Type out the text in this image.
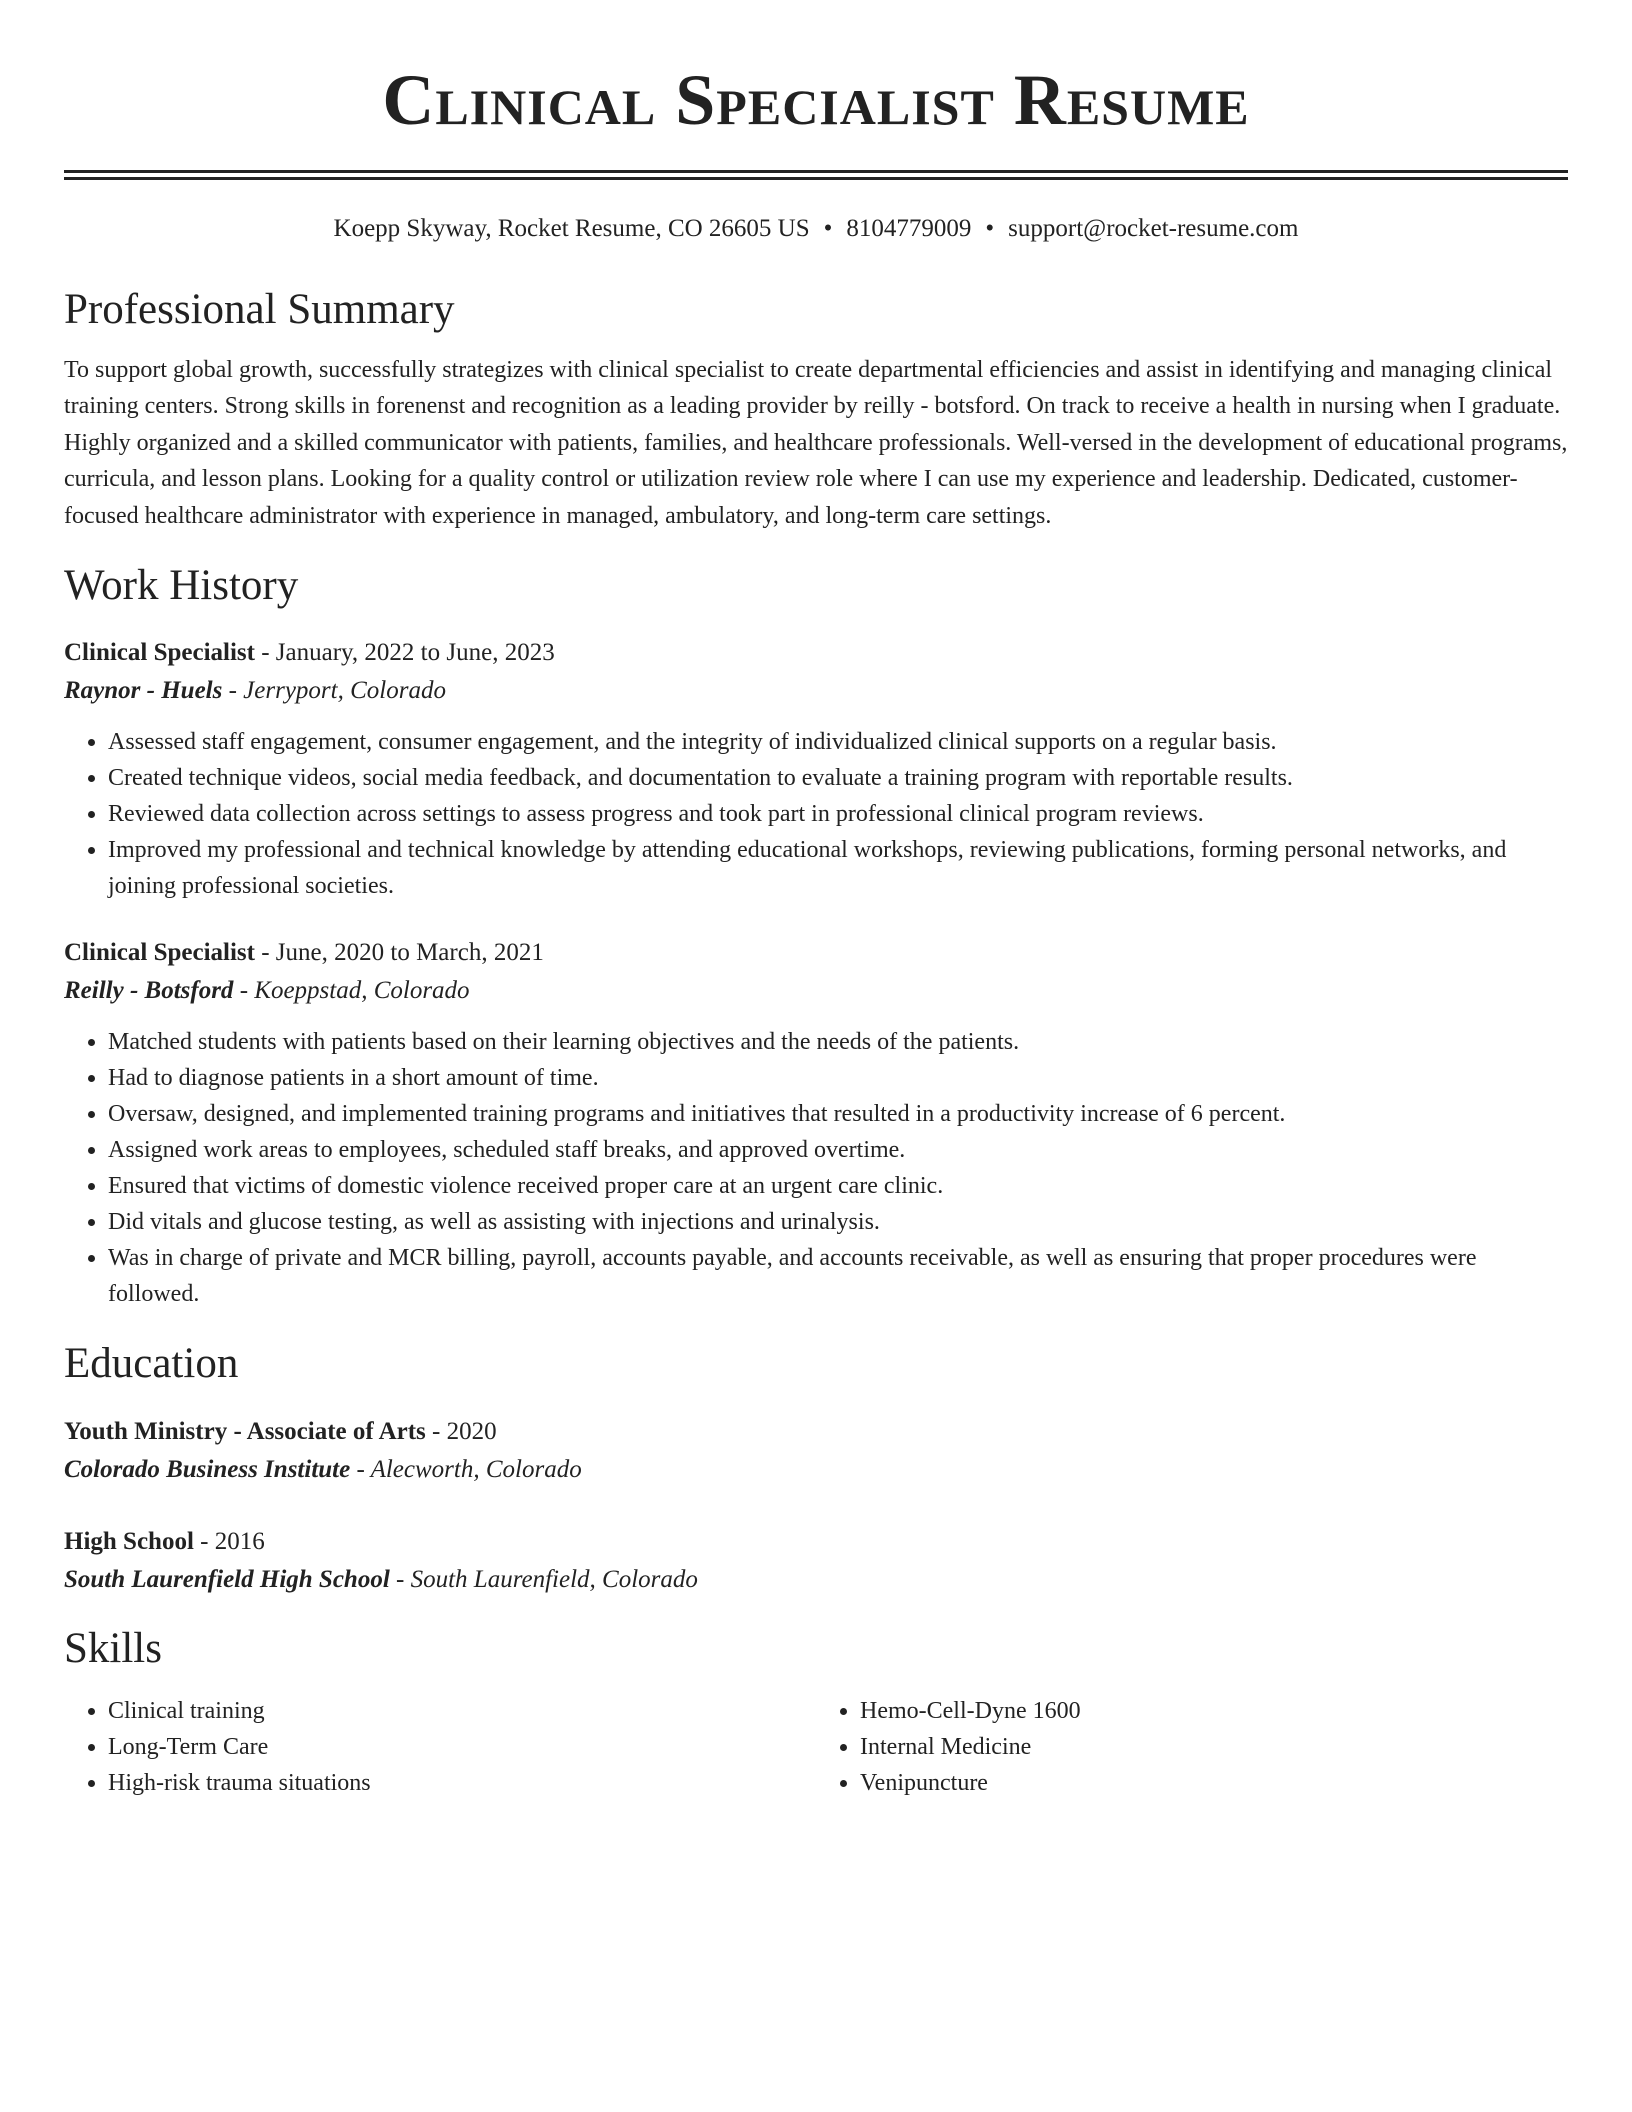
Clinical Specialist Resume
Koepp Skyway, Rocket Resume, CO 26605 US • 8104779009 • support@rocket-resume.com
Professional Summary
To support global growth, successfully strategizes with clinical specialist to create departmental efficiencies and assist in identifying and managing clinical training centers. Strong skills in forenenst and recognition as a leading provider by reilly - botsford. On track to receive a health in nursing when I graduate. Highly organized and a skilled communicator with patients, families, and healthcare professionals. Well-versed in the development of educational programs, curricula, and lesson plans. Looking for a quality control or utilization review role where I can use my experience and leadership. Dedicated, customer-focused healthcare administrator with experience in managed, ambulatory, and long-term care settings.
Work History
Clinical Specialist - January, 2022 to June, 2023
Raynor - Huels - Jerryport, Colorado
• Assessed staff engagement, consumer engagement, and the integrity of individualized clinical supports on a regular basis.
• Created technique videos, social media feedback, and documentation to evaluate a training program with reportable results.
• Reviewed data collection across settings to assess progress and took part in professional clinical program reviews.
• Improved my professional and technical knowledge by attending educational workshops, reviewing publications, forming personal networks, and joining professional societies.
Clinical Specialist - June, 2020 to March, 2021
Reilly - Botsford - Koeppstad, Colorado
• Matched students with patients based on their learning objectives and the needs of the patients.
• Had to diagnose patients in a short amount of time.
• Oversaw, designed, and implemented training programs and initiatives that resulted in a productivity increase of 6 percent.
• Assigned work areas to employees, scheduled staff breaks, and approved overtime.
• Ensured that victims of domestic violence received proper care at an urgent care clinic.
• Did vitals and glucose testing, as well as assisting with injections and urinalysis.
• Was in charge of private and MCR billing, payroll, accounts payable, and accounts receivable, as well as ensuring that proper procedures were followed.
Education
Youth Ministry - Associate of Arts - 2020
Colorado Business Institute - Alecworth, Colorado
High School - 2016
South Laurenfield High School - South Laurenfield, Colorado
Skills
• Clinical training
• Long-Term Care
• High-risk trauma situations
• Hemo-Cell-Dyne 1600
• Internal Medicine
• Venipuncture
